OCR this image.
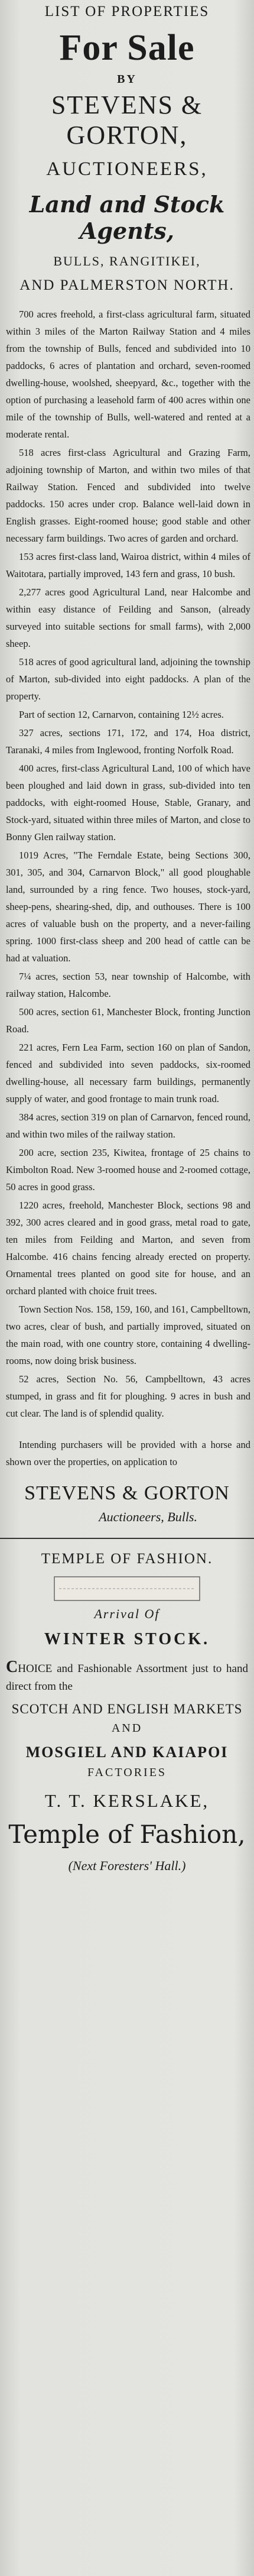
LIST OF PROPERTIES
For Sale
BY
STEVENS & GORTON,
AUCTIONEERS,
Land and Stock Agents,
BULLS, RANGITIKEI,
AND PALMERSTON NORTH.

700 acres freehold, a first-class agricultural farm, situated within 3 miles of the Marton Railway Station and 4 miles from the township of Bulls, fenced and subdivided into 10 paddocks, 6 acres of plantation and orchard, seven-roomed dwelling-house, woolshed, sheepyard, &c., together with the option of purchasing a leasehold farm of 400 acres within one mile of the township of Bulls, well-watered and rented at a moderate rental.

518 acres first-class Agricultural and Grazing Farm, adjoining township of Marton, and within two miles of that Railway Station. Fenced and subdivided into twelve paddocks. 150 acres under crop. Balance well-laid down in English grasses. Eight-roomed house; good stable and other necessary farm buildings. Two acres of garden and orchard.

153 acres first-class land, Wairoa district, within 4 miles of Waitotara, partially improved, 143 fern and grass, 10 bush.

2,277 acres good Agricultural Land, near Halcombe and within easy distance of Feilding and Sanson, (already surveyed into suitable sections for small farms), with 2,000 sheep.

518 acres of good agricultural land, adjoining the township of Marton, sub-divided into eight paddocks. A plan of the property.

Part of section 12, Carnarvon, containing 12½ acres.

327 acres, sections 171, 172, and 174, Hoa district, Taranaki, 4 miles from Inglewood, fronting Norfolk Road.

400 acres, first-class Agricultural Land, 100 of which have been ploughed and laid down in grass, sub-divided into ten paddocks, with eight-roomed House, Stable, Granary, and Stock-yard, situated within three miles of Marton, and close to Bonny Glen railway station.

1019 Acres, "The Ferndale Estate, being Sections 300, 301, 305, and 304, Carnarvon Block," all good ploughable land, surrounded by a ring fence. Two houses, stock-yard, sheep-pens, shearing-shed, dip, and outhouses. There is 100 acres of valuable bush on the property, and a never-failing spring. 1000 first-class sheep and 200 head of cattle can be had at valuation.

7¼ acres, section 53, near township of Halcombe, with railway station, Halcombe.

500 acres, section 61, Manchester Block, fronting Junction Road.

221 acres, Fern Lea Farm, section 160 on plan of Sandon, fenced and subdivided into seven paddocks, six-roomed dwelling-house, all necessary farm buildings, permanently supply of water, and good frontage to main trunk road.

384 acres, section 319 on plan of Carnarvon, fenced round, and within two miles of the railway station.

200 acre, section 235, Kiwitea, frontage of 25 chains to Kimbolton Road. New 3-roomed house and 2-roomed cottage, 50 acres in good grass.

1220 acres, freehold, Manchester Block, sections 98 and 392, 300 acres cleared and in good grass, metal road to gate, ten miles from Feilding and Marton, and seven from Halcombe. 416 chains fencing already erected on property. Ornamental trees planted on good site for house, and an orchard planted with choice fruit trees.

Town Section Nos. 158, 159, 160, and 161, Campbelltown, two acres, clear of bush, and partially improved, situated on the main road, with one country store, containing 4 dwelling-rooms, now doing brisk business.

52 acres, Section No. 56, Campbelltown, 43 acres stumped, in grass and fit for ploughing. 9 acres in bush and cut clear. The land is of splendid quality.

Intending purchasers will be provided with a horse and shown over the properties, on application to

STEVENS & GORTON
Auctioneers, Bulls.
TEMPLE OF FASHION.
Arrival Of
WINTER STOCK.

CHOICE and Fashionable Assortment just to hand direct from the

SCOTCH AND ENGLISH MARKETS
AND
MOSGIEL AND KAIAPOI
FACTORIES
T. T. KERSLAKE,
Temple of Fashion,
(Next Foresters' Hall.)
